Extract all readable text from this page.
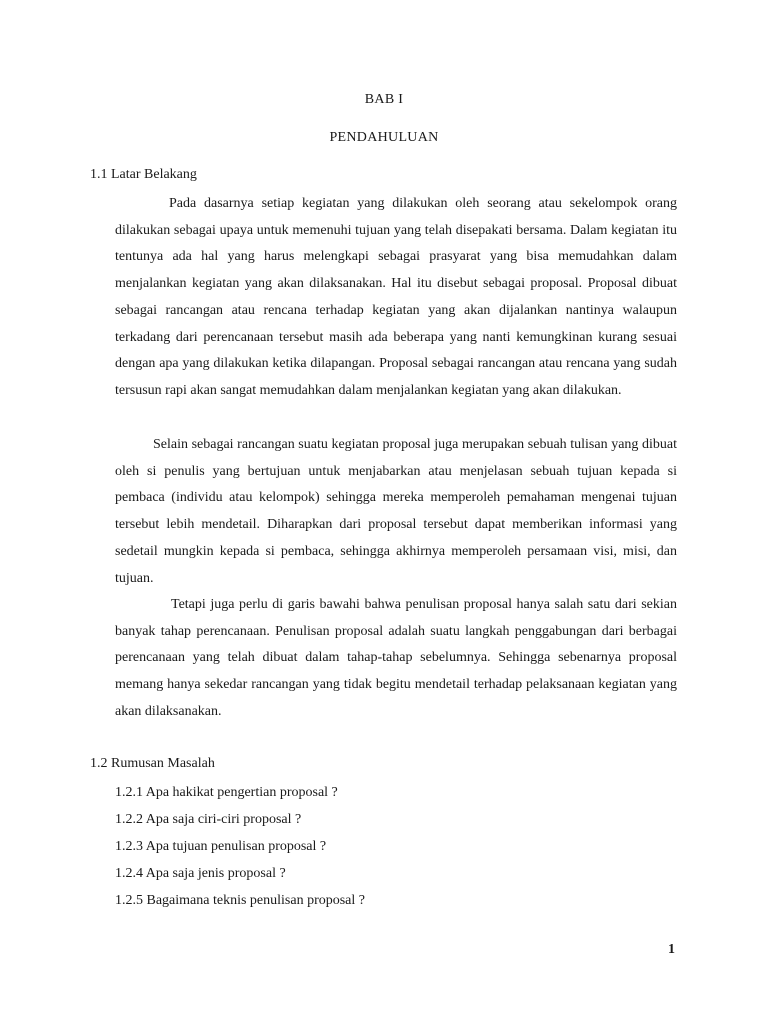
BAB I
PENDAHULUAN
1.1 Latar Belakang

Pada dasarnya setiap kegiatan yang dilakukan oleh seorang atau sekelompok orang dilakukan sebagai upaya untuk memenuhi tujuan yang telah disepakati bersama. Dalam kegiatan itu tentunya ada hal yang harus melengkapi sebagai prasyarat yang bisa memudahkan dalam menjalankan kegiatan yang akan dilaksanakan. Hal itu disebut sebagai proposal. Proposal dibuat sebagai rancangan atau rencana terhadap kegiatan yang akan dijalankan nantinya walaupun terkadang dari perencanaan tersebut masih ada beberapa yang nanti kemungkinan kurang sesuai dengan apa yang dilakukan ketika dilapangan. Proposal sebagai rancangan atau rencana yang sudah tersusun rapi akan sangat memudahkan dalam menjalankan kegiatan yang akan dilakukan.

Selain sebagai rancangan suatu kegiatan proposal juga merupakan sebuah tulisan yang dibuat oleh si penulis yang bertujuan untuk menjabarkan atau menjelasan sebuah tujuan kepada si pembaca (individu atau kelompok) sehingga mereka memperoleh pemahaman mengenai tujuan tersebut lebih mendetail. Diharapkan dari proposal tersebut dapat memberikan informasi yang sedetail mungkin kepada si pembaca, sehingga akhirnya memperoleh persamaan visi, misi, dan tujuan.

Tetapi juga perlu di garis bawahi bahwa penulisan proposal hanya salah satu dari sekian banyak tahap perencanaan. Penulisan proposal adalah suatu langkah penggabungan dari berbagai perencanaan yang telah dibuat dalam tahap-tahap sebelumnya. Sehingga sebenarnya proposal memang hanya sekedar rancangan yang tidak begitu mendetail terhadap pelaksanaan kegiatan yang akan dilaksanakan.

1.2 Rumusan Masalah
1.2.1 Apa hakikat pengertian proposal ?
1.2.2 Apa saja ciri-ciri proposal ?
1.2.3 Apa tujuan penulisan proposal ?
1.2.4 Apa saja jenis proposal ?
1.2.5 Bagaimana teknis penulisan proposal ?
1
